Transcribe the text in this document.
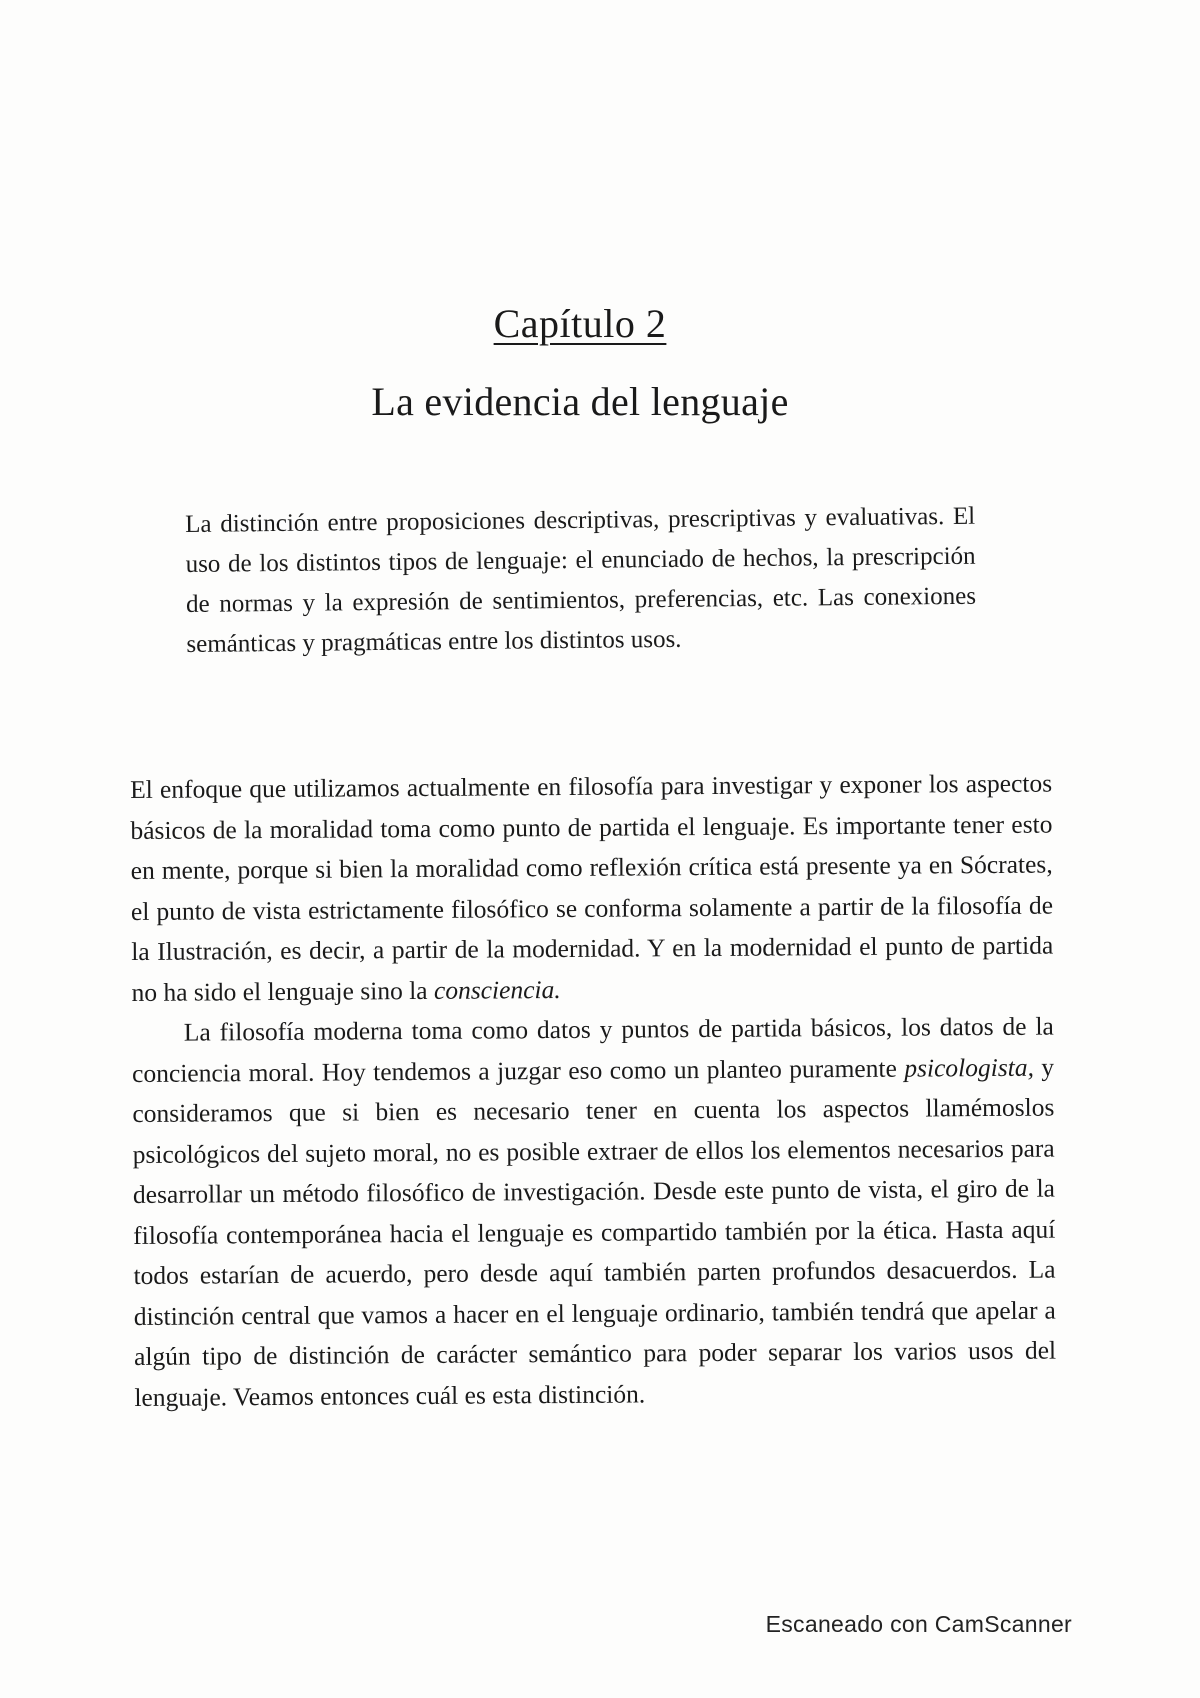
Capítulo 2
La evidencia del lenguaje

La distinción entre proposiciones descriptivas, prescriptivas y evaluativas. El uso de los distintos tipos de lenguaje: el enunciado de hechos, la prescripción de normas y la expresión de sentimientos, preferencias, etc. Las conexiones semánticas y pragmáticas entre los distintos usos.

El enfoque que utilizamos actualmente en filosofía para investigar y exponer los aspectos básicos de la moralidad toma como punto de partida el lenguaje. Es importante tener esto en mente, porque si bien la moralidad como reflexión crítica está presente ya en Sócrates, el punto de vista estrictamente filosófico se conforma solamente a partir de la filosofía de la Ilustración, es decir, a partir de la modernidad. Y en la modernidad el punto de partida no ha sido el lenguaje sino la consciencia.

La filosofía moderna toma como datos y puntos de partida básicos, los datos de la conciencia moral. Hoy tendemos a juzgar eso como un planteo puramente psicologista, y consideramos que si bien es necesario tener en cuenta los aspectos llamémoslos psicológicos del sujeto moral, no es posible extraer de ellos los elementos necesarios para desarrollar un método filosófico de investigación. Desde este punto de vista, el giro de la filosofía contemporánea hacia el lenguaje es compartido también por la ética. Hasta aquí todos estarían de acuerdo, pero desde aquí también parten profundos desacuerdos. La distinción central que vamos a hacer en el lenguaje ordinario, también tendrá que apelar a algún tipo de distinción de carácter semántico para poder separar los varios usos del lenguaje. Veamos entonces cuál es esta distinción.

Escaneado con CamScanner
